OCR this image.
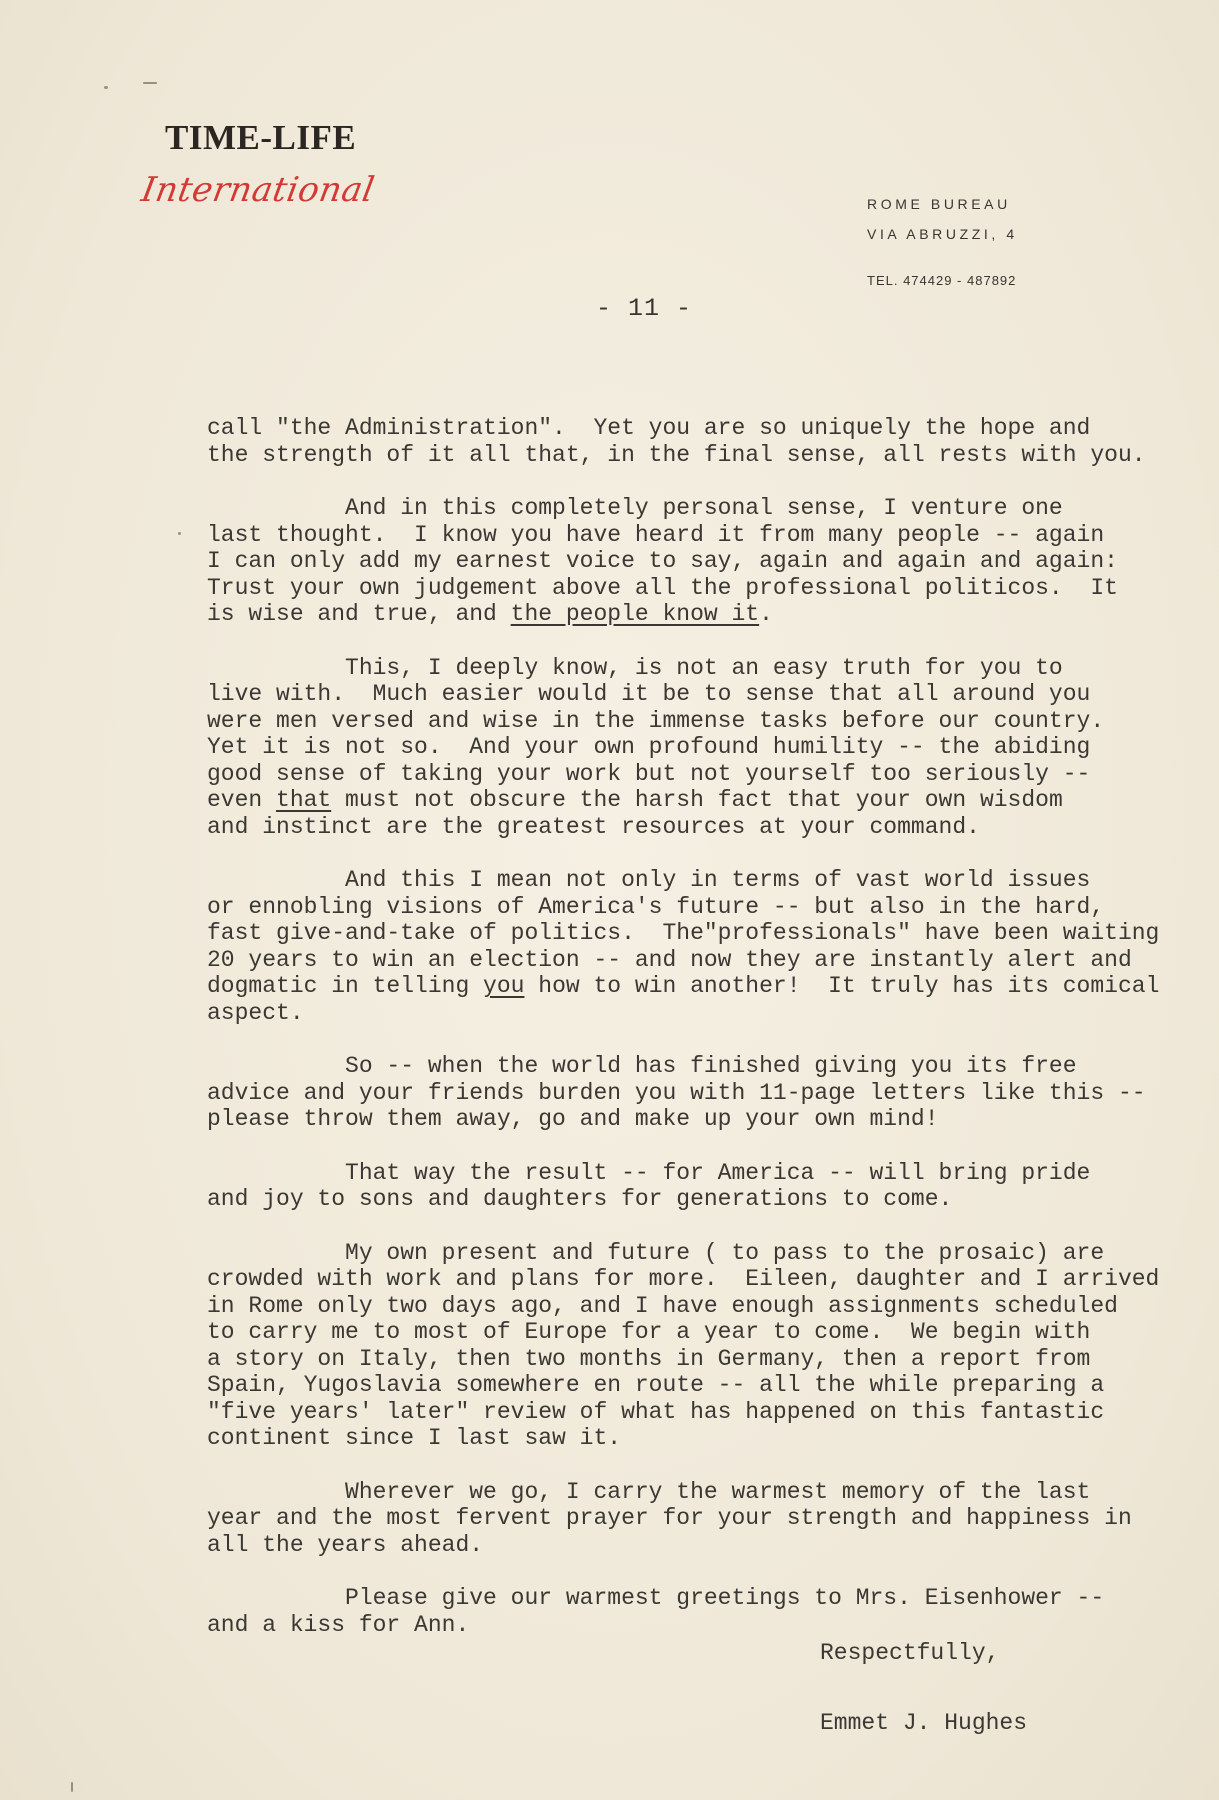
TIME-LIFE
International	ROME BUREAU
VIA ABRUZZI, 4
TEL. 474429 - 487892
- 11 -

call "the Administration".  Yet you are so uniquely the hope and
the strength of it all that, in the final sense, all rests with you.

And in this completely personal sense, I venture one
last thought.  I know you have heard it from many people -- again
I can only add my earnest voice to say, again and again and again:
Trust your own judgement above all the professional politicos.  It
is wise and true, and the people know it.

This, I deeply know, is not an easy truth for you to
live with.  Much easier would it be to sense that all around you
were men versed and wise in the immense tasks before our country.
Yet it is not so.  And your own profound humility -- the abiding
good sense of taking your work but not yourself too seriously --
even that must not obscure the harsh fact that your own wisdom
and instinct are the greatest resources at your command.

And this I mean not only in terms of vast world issues
or ennobling visions of America's future -- but also in the hard,
fast give-and-take of politics.  The"professionals" have been waiting
20 years to win an election -- and now they are instantly alert and
dogmatic in telling you how to win another!  It truly has its comical
aspect.

So -- when the world has finished giving you its free
advice and your friends burden you with 11-page letters like this --
please throw them away, go and make up your own mind!

That way the result -- for America -- will bring pride
and joy to sons and daughters for generations to come.

My own present and future ( to pass to the prosaic) are
crowded with work and plans for more.  Eileen, daughter and I arrived
in Rome only two days ago, and I have enough assignments scheduled
to carry me to most of Europe for a year to come.  We begin with
a story on Italy, then two months in Germany, then a report from
Spain, Yugoslavia somewhere en route -- all the while preparing a
"five years' later" review of what has happened on this fantastic
continent since I last saw it.

Wherever we go, I carry the warmest memory of the last
year and the most fervent prayer for your strength and happiness in
all the years ahead.

Please give our warmest greetings to Mrs. Eisenhower --
and a kiss for Ann.

Respectfully,
Emmet J. Hughes
